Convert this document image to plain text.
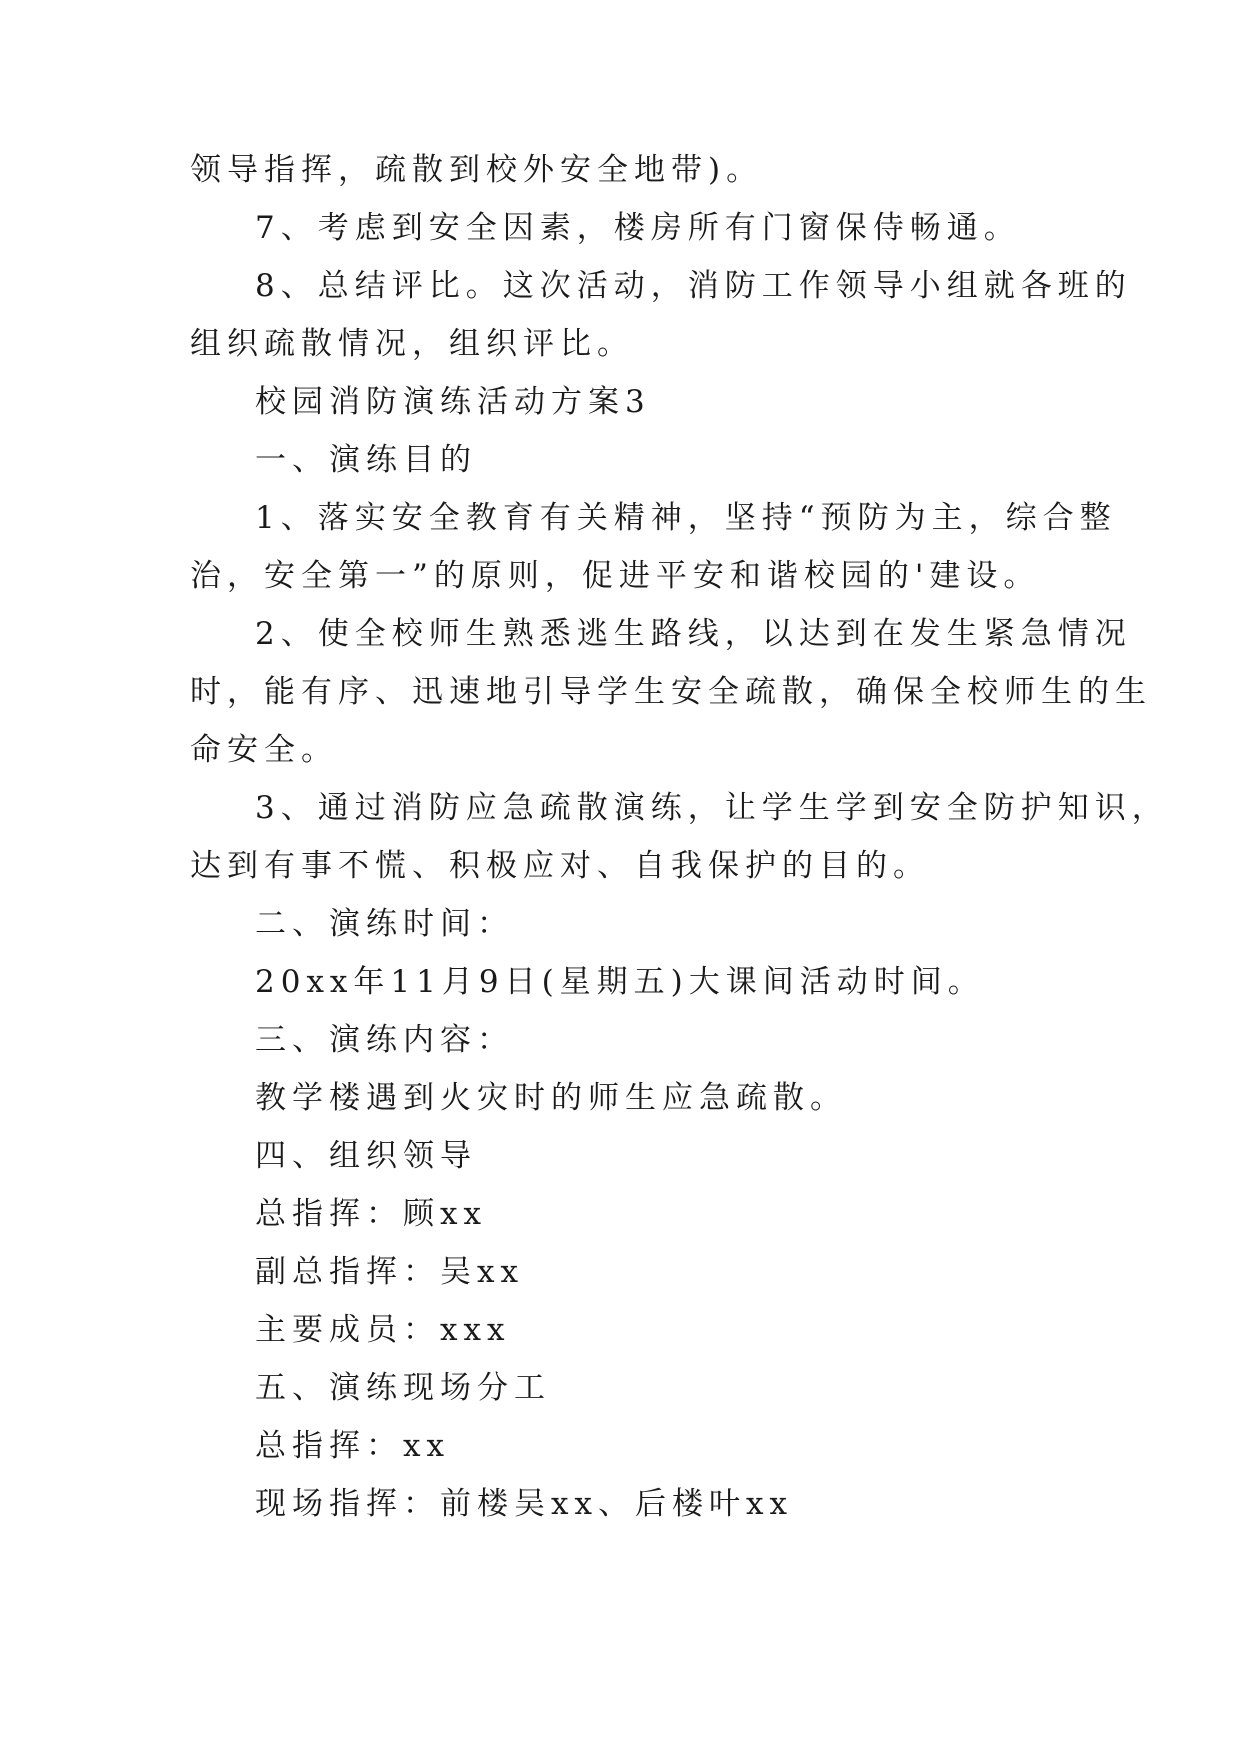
领导指挥，疏散到校外安全地带)。
7、考虑到安全因素，楼房所有门窗保侍畅通。
8、总结评比。这次活动，消防工作领导小组就各班的
组织疏散情况，组织评比。
校园消防演练活动方案3
一、演练目的
1、落实安全教育有关精神，坚持“预防为主，综合整
治，安全第一”的原则，促进平安和谐校园的'建设。
2、使全校师生熟悉逃生路线，以达到在发生紧急情况
时，能有序、迅速地引导学生安全疏散，确保全校师生的生
命安全。
3、通过消防应急疏散演练，让学生学到安全防护知识，
达到有事不慌、积极应对、自我保护的目的。
二、演练时间：
20xx年11月9日(星期五)大课间活动时间。
三、演练内容：
教学楼遇到火灾时的师生应急疏散。
四、组织领导
总指挥：顾xx
副总指挥：吴xx
主要成员：xxx
五、演练现场分工
总指挥：xx
现场指挥：前楼吴xx、后楼叶xx
